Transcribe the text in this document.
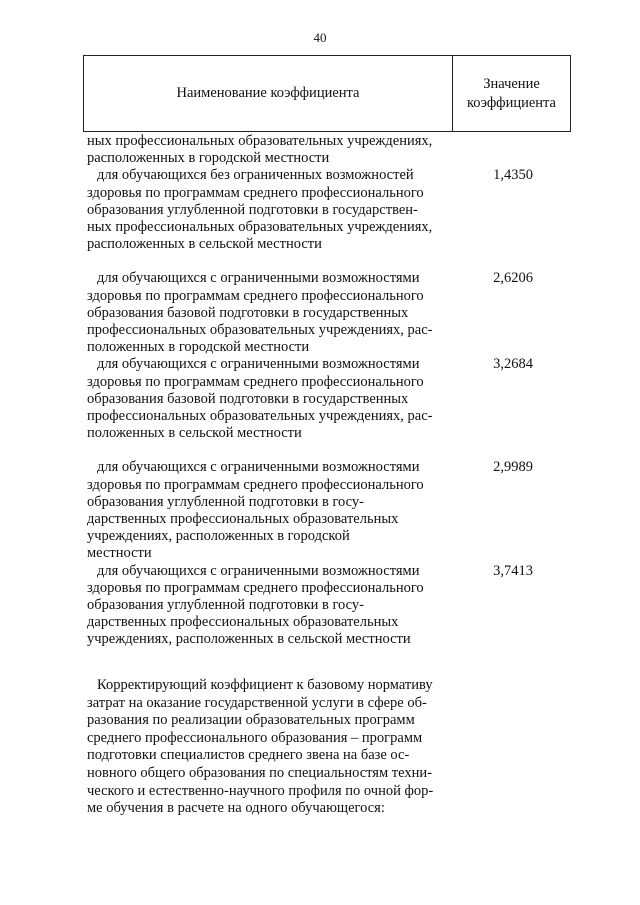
40
Наименование коэффициента
Значение
коэффициента
ных профессиональных образовательных учреждениях,
расположенных в городской местности
для обучающихся без ограниченных возможностей
здоровья по программам среднего профессионального
образования углубленной подготовки в государствен-
ных профессиональных образовательных учреждениях,
расположенных в сельской местности
1,4350
для обучающихся с ограниченными возможностями
здоровья по программам среднего профессионального
образования базовой подготовки в государственных
профессиональных образовательных учреждениях, рас-
положенных в городской местности
2,6206
для обучающихся с ограниченными возможностями
здоровья по программам среднего профессионального
образования базовой подготовки в государственных
профессиональных образовательных учреждениях, рас-
положенных в сельской местности
3,2684
для обучающихся с ограниченными возможностями
здоровья по программам среднего профессионального
образования углубленной подготовки в госу-
дарственных профессиональных образовательных
учреждениях, расположенных в городской
местности
2,9989
для обучающихся с ограниченными возможностями
здоровья по программам среднего профессионального
образования углубленной подготовки в госу-
дарственных профессиональных образовательных
учреждениях, расположенных в сельской местности
3,7413
Корректирующий коэффициент к базовому нормативу
затрат на оказание государственной услуги в сфере об-
разования по реализации образовательных программ
среднего профессионального образования – программ
подготовки специалистов среднего звена на базе ос-
новного общего образования по специальностям техни-
ческого и естественно-научного профиля по очной фор-
ме обучения в расчете на одного обучающегося:
